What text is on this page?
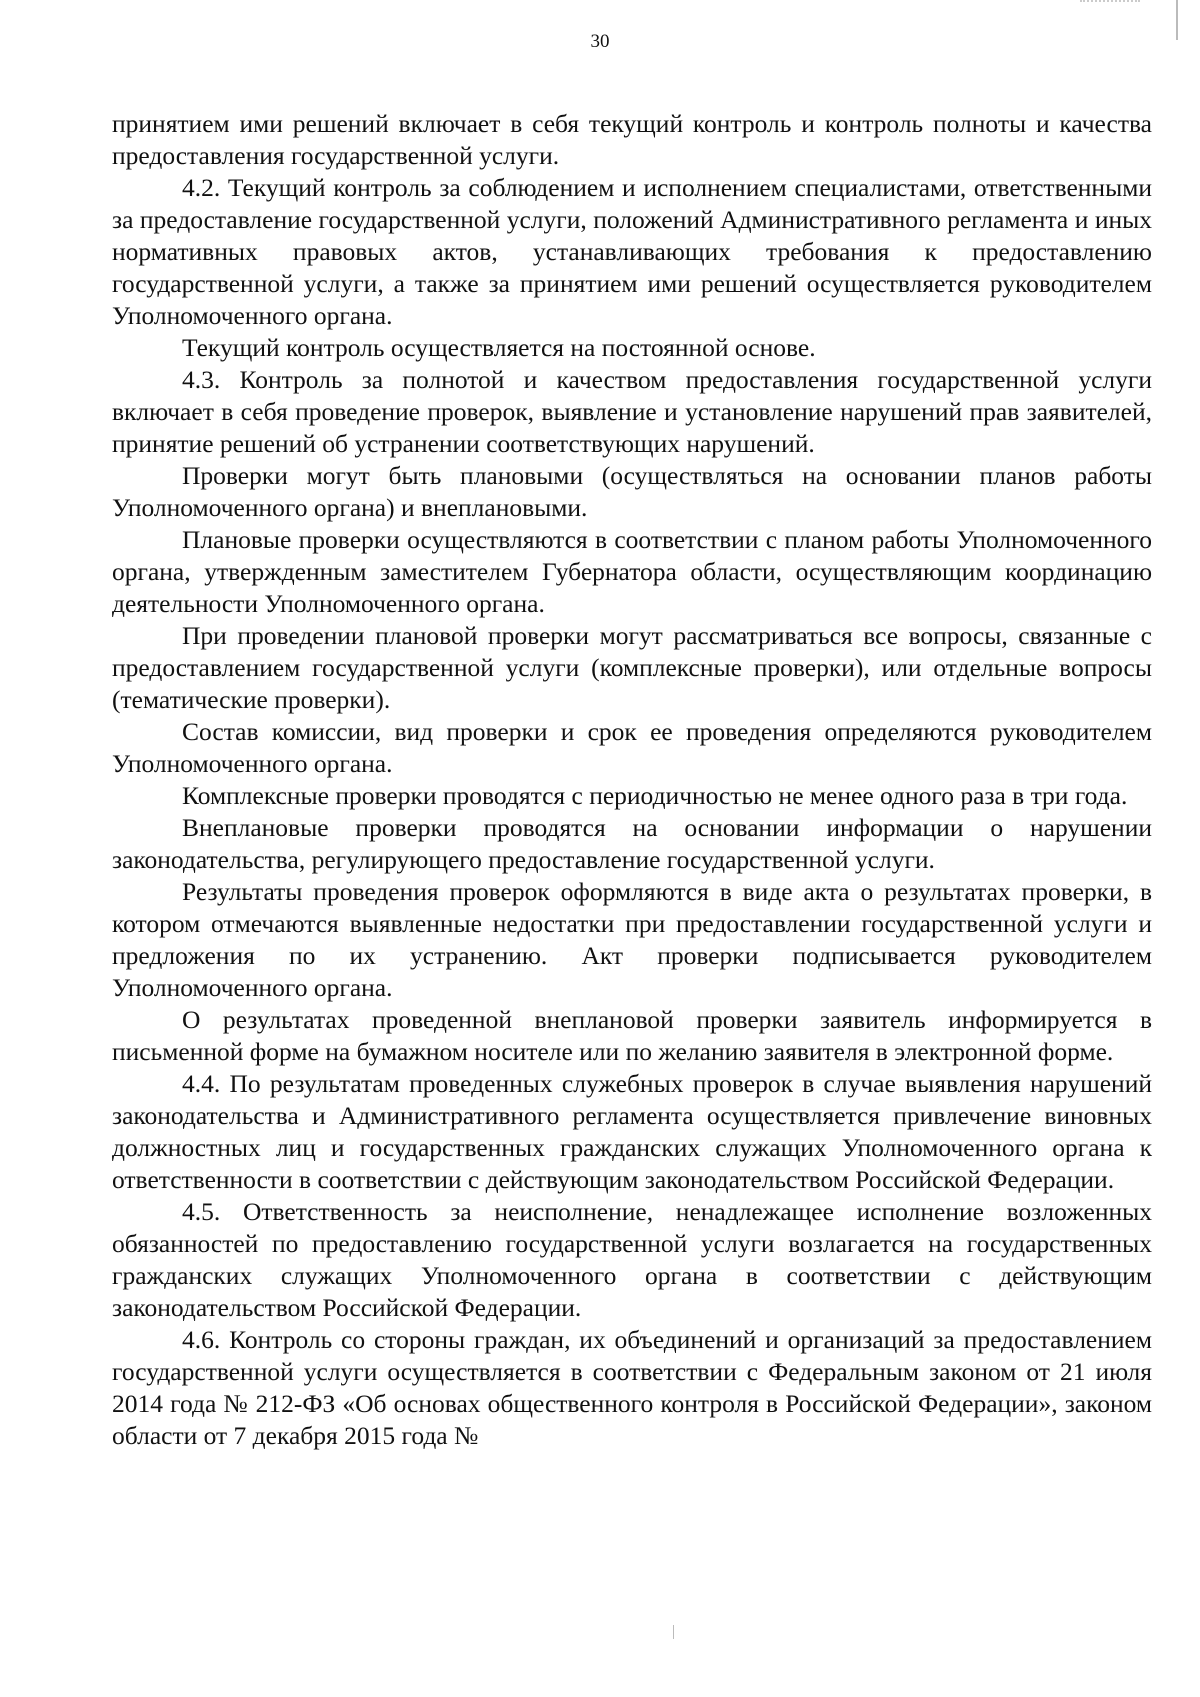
30

принятием ими решений включает в себя текущий контроль и контроль полноты и качества предоставления государственной услуги.

4.2. Текущий контроль за соблюдением и исполнением специалистами, ответственными за предоставление государственной услуги, положений Административного регламента и иных нормативных правовых актов, устанавливающих требования к предоставлению государственной услуги, а также за принятием ими решений осуществляется руководителем Уполномоченного органа.

Текущий контроль осуществляется на постоянной основе.

4.3. Контроль за полнотой и качеством предоставления государственной услуги включает в себя проведение проверок, выявление и установление нарушений прав заявителей, принятие решений об устранении соответствующих нарушений.

Проверки могут быть плановыми (осуществляться на основании планов работы Уполномоченного органа) и внеплановыми.

Плановые проверки осуществляются в соответствии с планом работы Уполномоченного органа, утвержденным заместителем Губернатора области, осуществляющим координацию деятельности Уполномоченного органа.

При проведении плановой проверки могут рассматриваться все вопросы, связанные с предоставлением государственной услуги (комплексные проверки), или отдельные вопросы (тематические проверки).

Состав комиссии, вид проверки и срок ее проведения определяются руководителем Уполномоченного органа.

Комплексные проверки проводятся с периодичностью не менее одного раза в три года.

Внеплановые проверки проводятся на основании информации о нарушении законодательства, регулирующего предоставление государственной услуги.

Результаты проведения проверок оформляются в виде акта о результатах проверки, в котором отмечаются выявленные недостатки при предоставлении государственной услуги и предложения по их устранению. Акт проверки подписывается руководителем Уполномоченного органа.

О результатах проведенной внеплановой проверки заявитель информируется в письменной форме на бумажном носителе или по желанию заявителя в электронной форме.

4.4. По результатам проведенных служебных проверок в случае выявления нарушений законодательства и Административного регламента осуществляется привлечение виновных должностных лиц и государственных гражданских служащих Уполномоченного органа к ответственности в соответствии с действующим законодательством Российской Федерации.

4.5. Ответственность за неисполнение, ненадлежащее исполнение возложенных обязанностей по предоставлению государственной услуги возлагается на государственных гражданских служащих Уполномоченного органа в соответствии с действующим законодательством Российской Федерации.

4.6. Контроль со стороны граждан, их объединений и организаций за предоставлением государственной услуги осуществляется в соответствии с Федеральным законом от 21 июля 2014 года № 212-ФЗ «Об основах общественного контроля в Российской Федерации», законом области от 7 декабря 2015 года №
